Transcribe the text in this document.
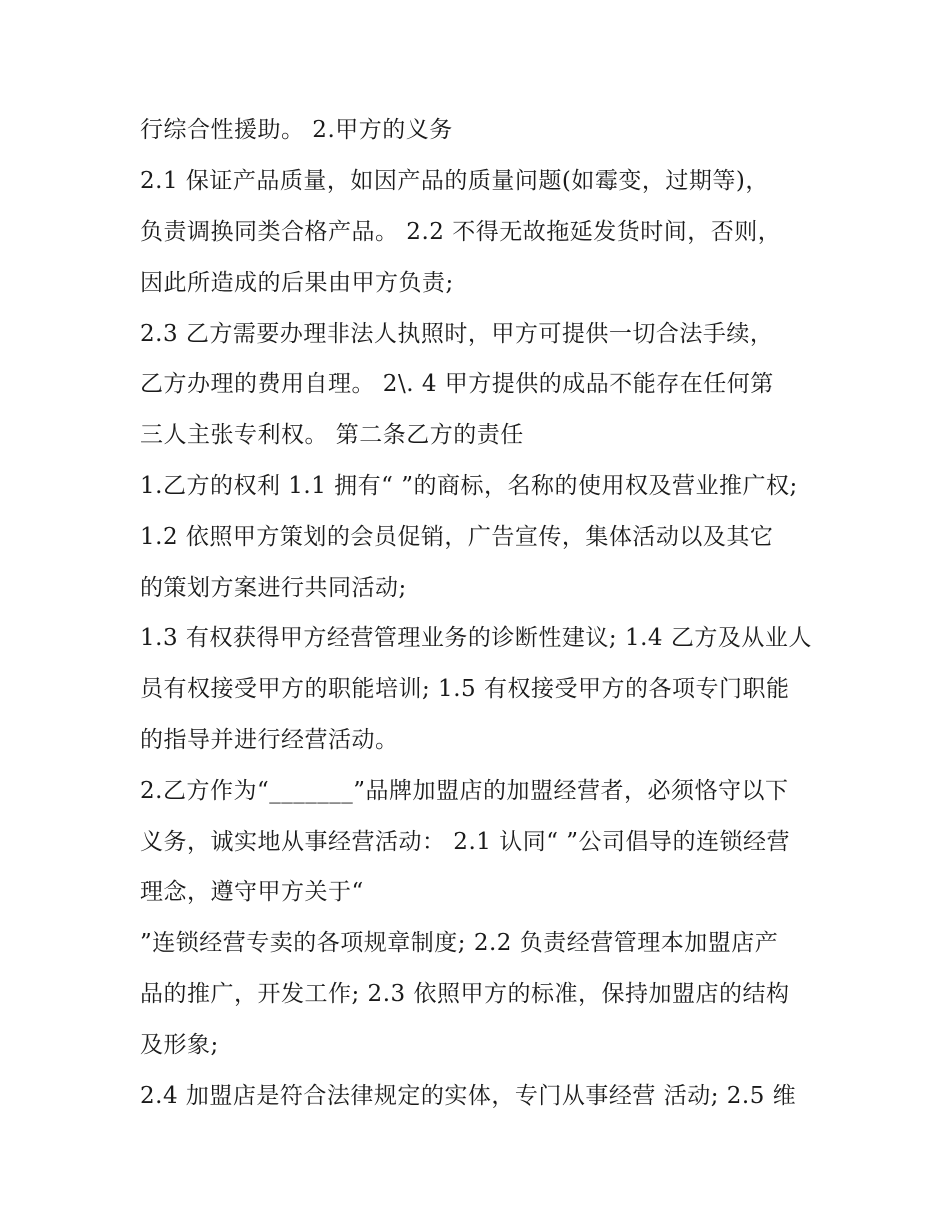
行综合性援助。 2.甲方的义务
2.1 保证产品质量，如因产品的质量问题(如霉变，过期等)，
负责调换同类合格产品。 2.2 不得无故拖延发货时间，否则，
因此所造成的后果由甲方负责;
2.3 乙方需要办理非法人执照时，甲方可提供一切合法手续，
乙方办理的费用自理。 2\. 4 甲方提供的成品不能存在任何第
三人主张专利权。 第二条乙方的责任
1.乙方的权利 1.1 拥有“ ”的商标，名称的使用权及营业推广权;
1.2 依照甲方策划的会员促销，广告宣传，集体活动以及其它
的策划方案进行共同活动;
1.3 有权获得甲方经营管理业务的诊断性建议; 1.4 乙方及从业人
员有权接受甲方的职能培训; 1.5 有权接受甲方的各项专门职能
的指导并进行经营活动。
2.乙方作为“_______”品牌加盟店的加盟经营者，必须恪守以下
义务，诚实地从事经营活动： 2.1 认同“ ”公司倡导的连锁经营
理念，遵守甲方关于“
”连锁经营专卖的各项规章制度; 2.2 负责经营管理本加盟店产
品的推广，开发工作; 2.3 依照甲方的标准，保持加盟店的结构
及形象;
2.4 加盟店是符合法律规定的实体，专门从事经营 活动; 2.5 维
